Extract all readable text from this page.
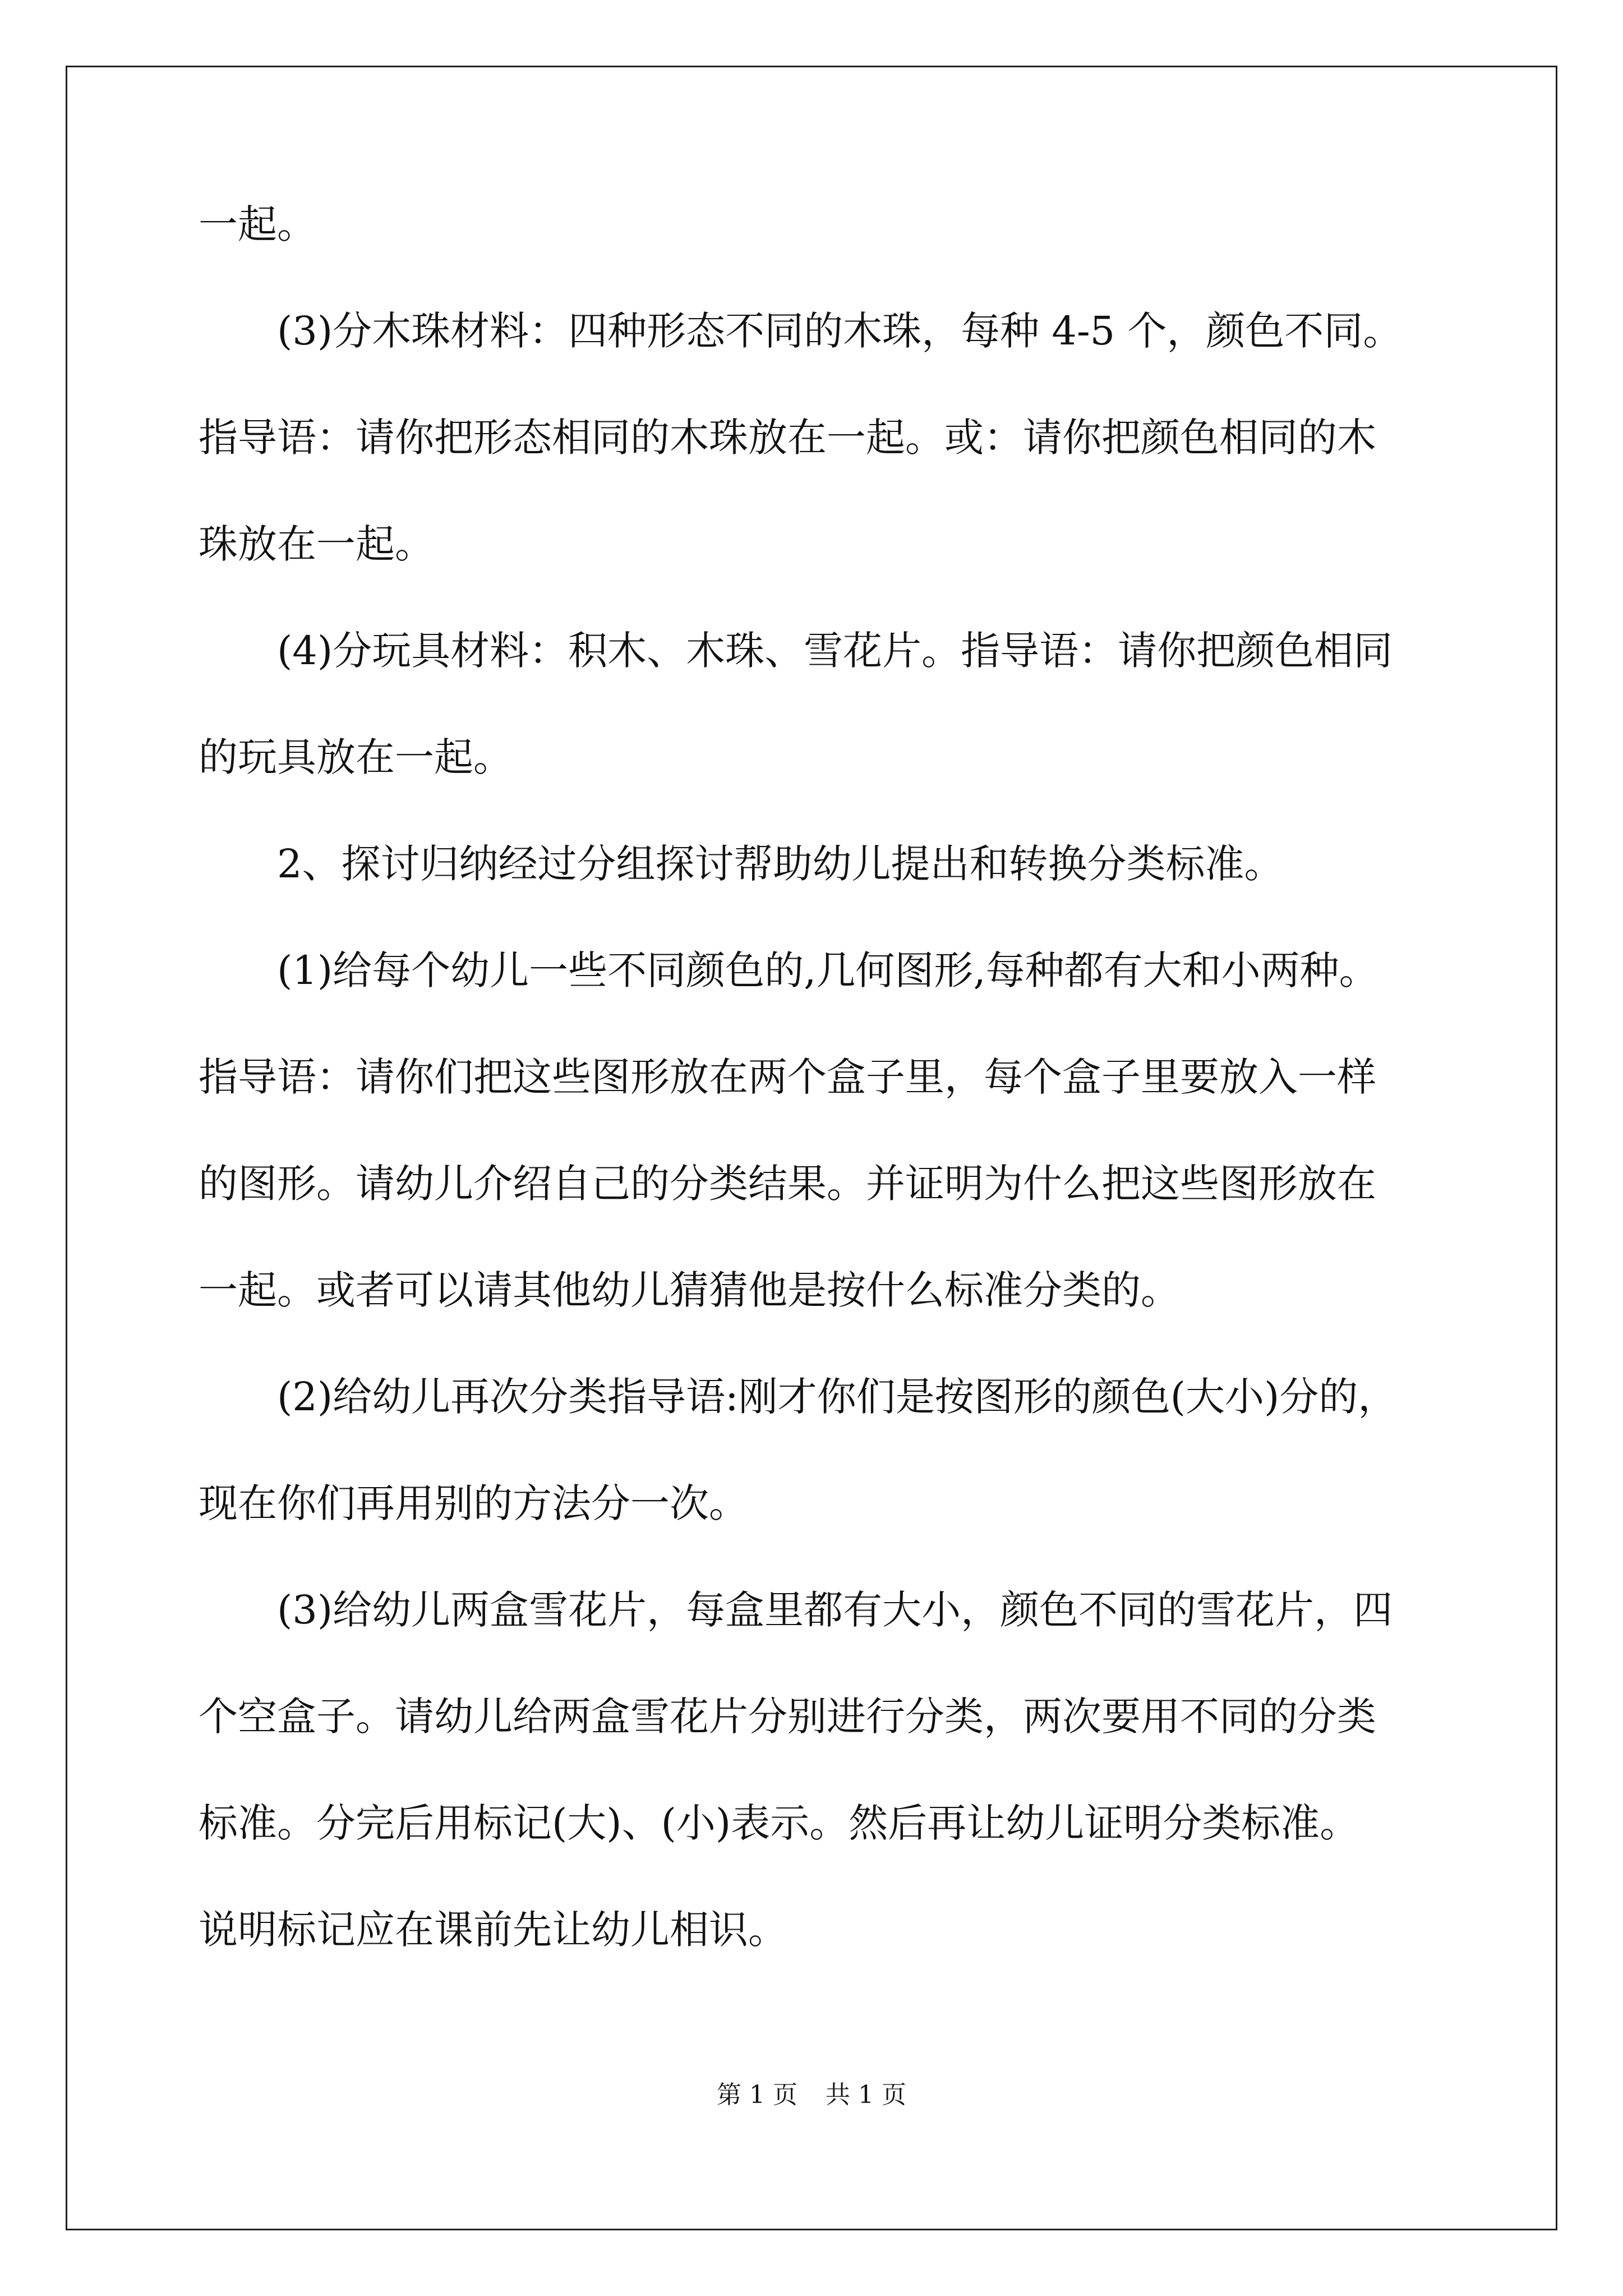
一起。
(3)分木珠材料：四种形态不同的木珠，每种 4-5 个，颜色不同。
指导语：请你把形态相同的木珠放在一起。或：请你把颜色相同的木
珠放在一起。
(4)分玩具材料：积木、木珠、雪花片。指导语：请你把颜色相同
的玩具放在一起。
2、探讨归纳经过分组探讨帮助幼儿提出和转换分类标准。
(1)给每个幼儿一些不同颜色的,几何图形,每种都有大和小两种。
指导语：请你们把这些图形放在两个盒子里，每个盒子里要放入一样
的图形。请幼儿介绍自己的分类结果。并证明为什么把这些图形放在
一起。或者可以请其他幼儿猜猜他是按什么标准分类的。
(2)给幼儿再次分类指导语:刚才你们是按图形的颜色(大小)分的，
现在你们再用别的方法分一次。
(3)给幼儿两盒雪花片，每盒里都有大小，颜色不同的雪花片，四
个空盒子。请幼儿给两盒雪花片分别进行分类，两次要用不同的分类
标准。分完后用标记(大)、(小)表示。然后再让幼儿证明分类标准。
说明标记应在课前先让幼儿相识。
第 1 页 共 1 页
